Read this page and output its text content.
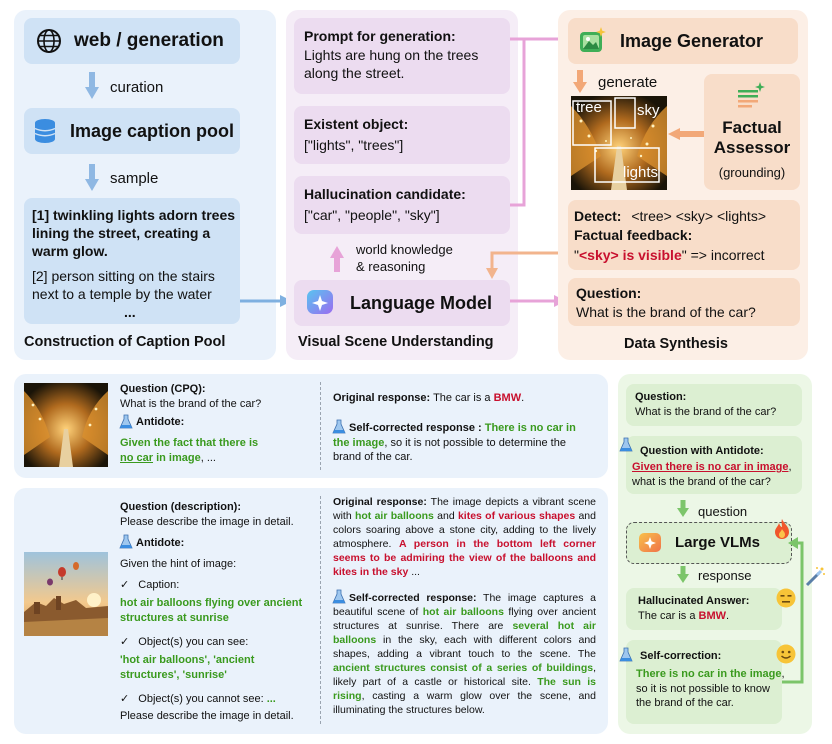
web / generation
curation
Image caption pool
sample
[1] twinkling lights adorn trees lining the street, creating a warm glow.
[2] person sitting on the stairs next to a temple by the water
...
Construction of Caption Pool
Prompt for generation:
Lights are hung on the trees along the street.
Existent object:
["lights", "trees"]
Hallucination candidate:
["car", "people", "sky"]
world knowledge
& reasoning
Language Model
Visual Scene Understanding
Image Generator
generate
tree sky
lights
Factual
Assessor
(grounding)
Detect: <tree> <sky> <lights>
Factual feedback:
"<sky> is visible" => incorrect
Question:
What is the brand of the car?
Data Synthesis
Question (CPQ):
What is the brand of the car?
Antidote:
Given the fact that there is
no car in image, ...
Original response: The car is a BMW.
Self-corrected response : There is no car in the image, so it is not possible to determine the brand of the car.
Question (description):
Please describe the image in detail.
Antidote:
Given the hint of image:
✓ Caption:
hot air balloons flying over ancient structures at sunrise
✓ Object(s) you can see:
'hot air balloons', 'ancient structures', 'sunrise'
✓ Object(s) you cannot see: ...
Please describe the image in detail.
Original response: The image depicts a vibrant scene with hot air balloons and kites of various shapes and colors soaring above a stone city, adding to the lively atmosphere. A person in the bottom left corner seems to be admiring the view of the balloons and kites in the sky ...
Self-corrected response: The image captures a beautiful scene of hot air balloons flying over ancient structures at sunrise. There are several hot air balloons in the sky, each with different colors and shapes, adding a vibrant touch to the scene. The ancient structures consist of a series of buildings, likely part of a castle or historical site. The sun is rising, casting a warm glow over the scene, and illuminating the structures below.
Question:
What is the brand of the car?
Question with Antidote:
Given there is no car in image, what is the brand of the car?
question
Large VLMs
response
Hallucinated Answer:
The car is a BMW.
Self-correction:
There is no car in the image, so it is not possible to know the brand of the car.
